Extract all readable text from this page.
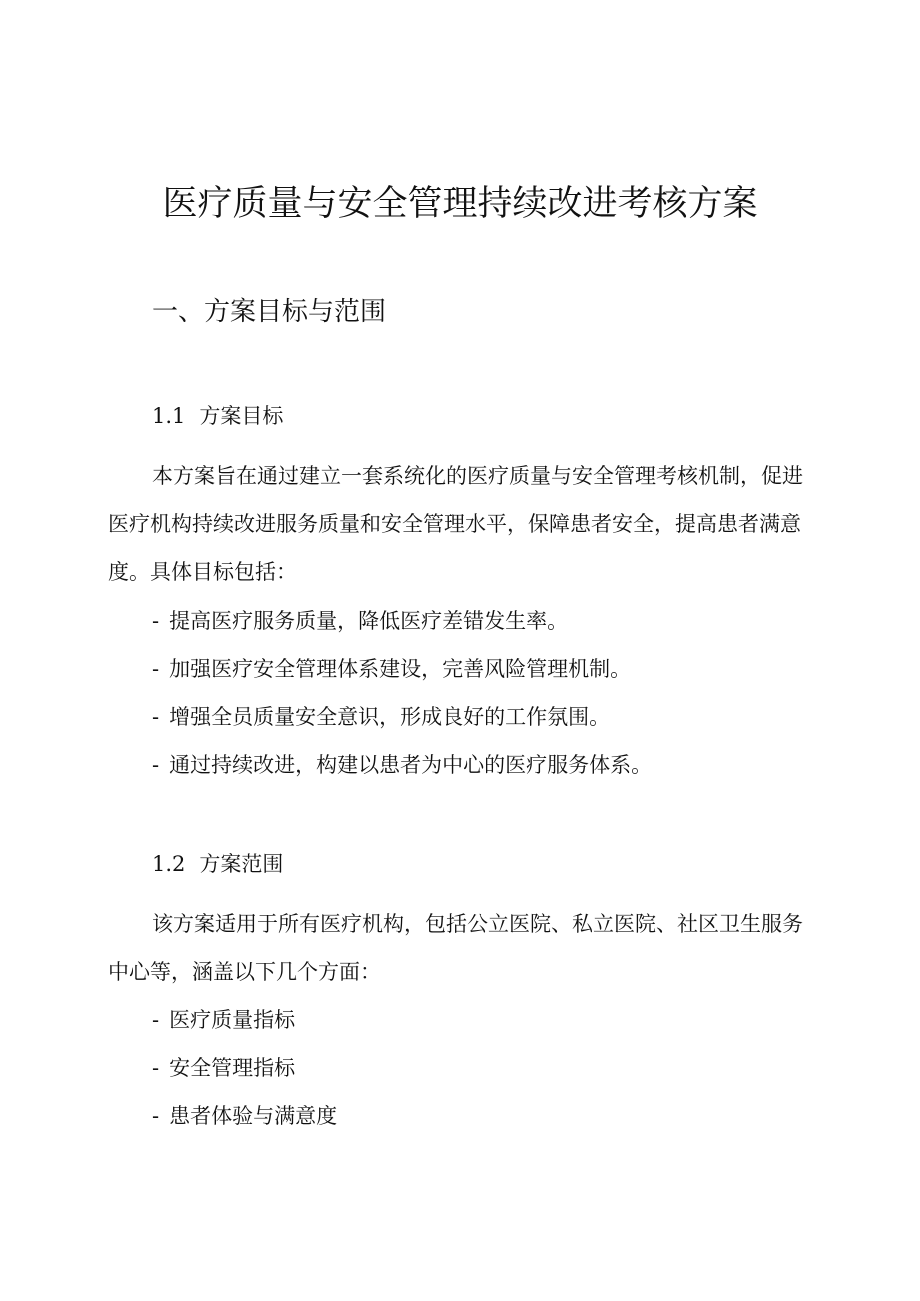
医疗质量与安全管理持续改进考核方案
一、方案目标与范围
1.1 方案目标

本方案旨在通过建立一套系统化的医疗质量与安全管理考核机制，促进医疗机构持续改进服务质量和安全管理水平，保障患者安全，提高患者满意度。具体目标包括：

- 提高医疗服务质量，降低医疗差错发生率。
- 加强医疗安全管理体系建设，完善风险管理机制。
- 增强全员质量安全意识，形成良好的工作氛围。
- 通过持续改进，构建以患者为中心的医疗服务体系。
1.2 方案范围

该方案适用于所有医疗机构，包括公立医院、私立医院、社区卫生服务中心等，涵盖以下几个方面：

- 医疗质量指标
- 安全管理指标
- 患者体验与满意度
